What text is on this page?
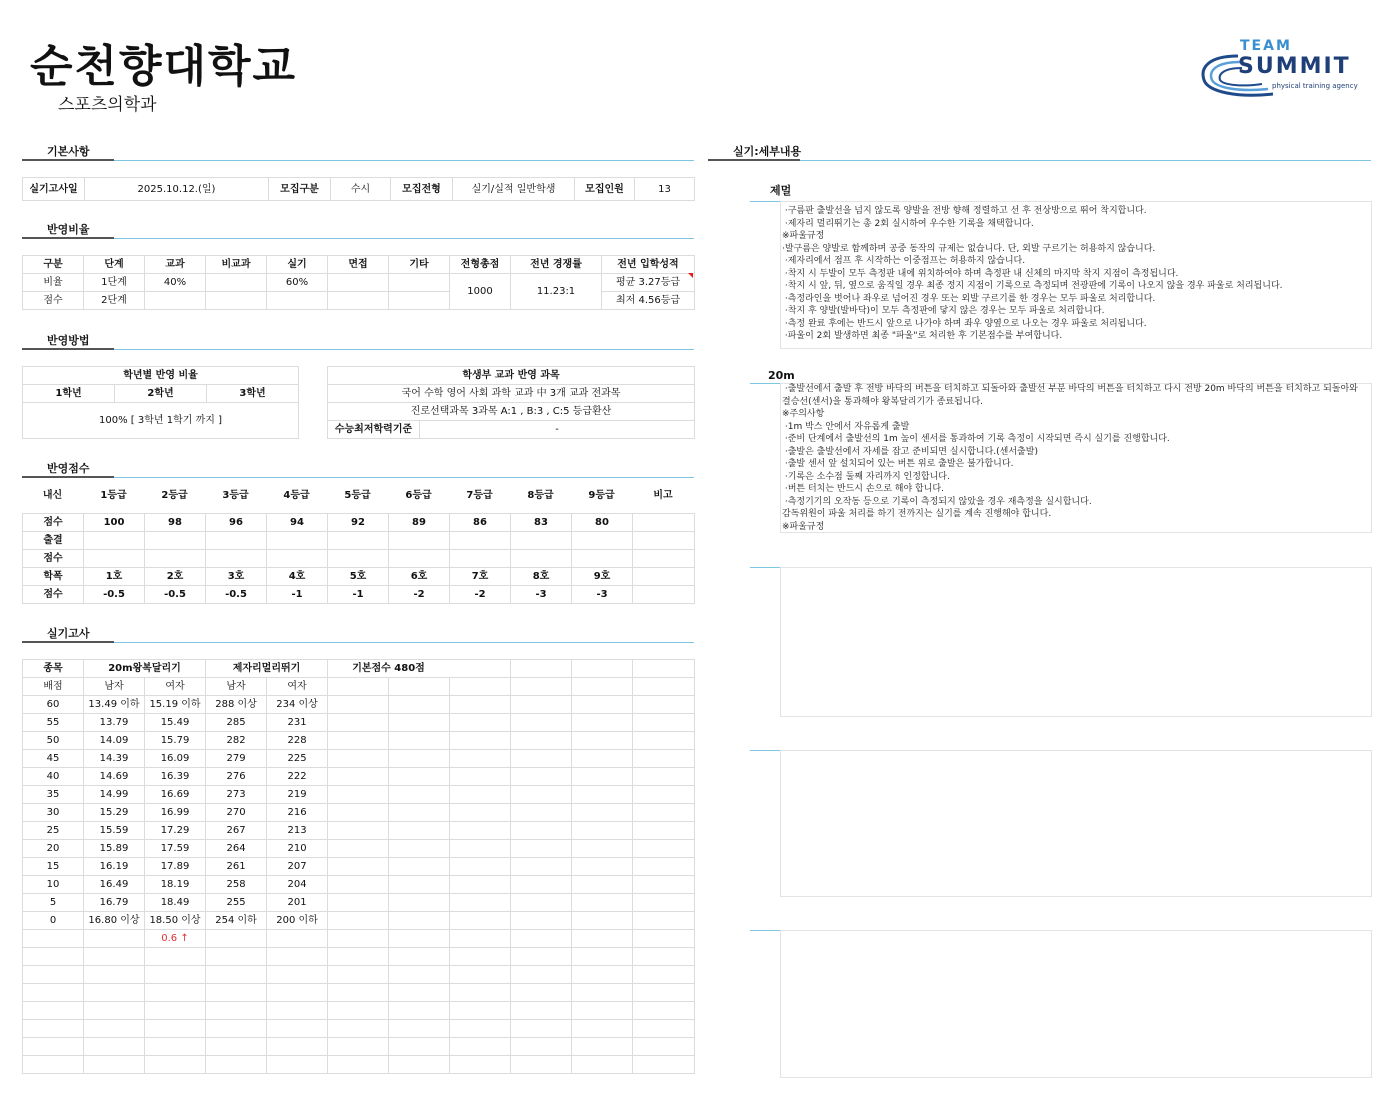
순천향대학교
스포츠의학과
TEAM
SUMMIT
physical training agency
기본사항
반영비율
반영방법
반영점수
실기고사
실기:세부내용
실기고사일	2025.10.12.(일)	모집구분	수시	모집전형	실기/실적 일반학생	모집인원	13
구분	단계	교과	비교과	실기	면접	기타	전형총점	전년 경쟁률	전년 입학성적
비율	1단계	40%		60%			1000	11.23:1	평균 3.27등급
점수	2단계								최저 4.56등급
학년별 반영 비율
1학년	2학년	3학년
100% [ 3학년 1학기 까지 ]
학생부 교과 반영 과목
국어 수학 영어 사회 과학 교과 中 3개 교과 전과목
진로선택과목 3과목 A:1 , B:3 , C:5 등급환산
수능최저학력기준	-
내신	1등급	2등급	3등급	4등급	5등급	6등급	7등급	8등급	9등급	비고
점수	100	98	96	94	92	89	86	83	80	
출결										
점수										
학폭	1호	2호	3호	4호	5호	6호	7호	8호	9호	
점수	-0.5	-0.5	-0.5	-1	-1	-2	-2	-3	-3	
종목	20m왕복달리기		제자리멀리뛰기		기본점수 480점					
배점	남자	여자	남자	여자						
60	13.49 이하	15.19 이하	288 이상	234 이상						
55	13.79	15.49	285	231						
50	14.09	15.79	282	228						
45	14.39	16.09	279	225						
40	14.69	16.39	276	222						
35	14.99	16.69	273	219						
30	15.29	16.99	270	216						
25	15.59	17.29	267	213						
20	15.89	17.59	264	210						
15	16.19	17.89	261	207						
10	16.49	18.19	258	204						
5	16.79	18.49	255	201						
0	16.80 이상	18.50 이상	254 이하	200 이하						
		0.6 ↑								

제멀
·구름판 출발선을 넘지 않도록 양발을 전방 향해 정렬하고 선 후 전상방으로 뛰어 착지합니다.
·제자리 멀리뛰기는 총 2회 실시하여 우수한 기록을 채택합니다.
※파울규정
·발구름은 양발로 함께하며 공중 동작의 규제는 없습니다. 단, 외발 구르기는 허용하지 않습니다.
·제자리에서 점프 후 시작하는 이중점프는 허용하지 않습니다.
·착지 시 두발이 모두 측정판 내에 위치하여야 하며 측정판 내 신체의 마지막 착지 지점이 측정됩니다.
·착지 시 앞, 뒤, 옆으로 움직일 경우 최종 정지 지점이 기록으로 측정되며 전광판에 기록이 나오지 않을 경우 파울로 처리됩니다.
·측정라인을 벗어나 좌우로 넘어진 경우 또는 외발 구르기를 한 경우는 모두 파울로 처리합니다.
·착지 후 양발(발바닥)이 모두 측정판에 닿지 않은 경우는 모두 파울로 처리합니다.
·측정 완료 후에는 반드시 앞으로 나가야 하며 좌우 양옆으로 나오는 경우 파울로 처리됩니다.
·파울이 2회 발생하면 최종 "파울"로 처리한 후 기본점수를 부여합니다.
20m
·출발선에서 출발 후 전방 바닥의 버튼을 터치하고 되돌아와 출발선 부분 바닥의 버튼을 터치하고 다시 전방 20m 바닥의 버튼을 터치하고 되돌아와
결승선(센서)을 통과해야 왕복달리기가 종료됩니다.
※주의사항
·1m 박스 안에서 자유롭게 출발
·준비 단계에서 출발선의 1m 높이 센서를 통과하여 기록 측정이 시작되면 즉시 실기를 진행합니다.
·출발은 출발선에서 자세를 잡고 준비되면 실시합니다.(센서출발)
·출발 센서 앞 설치되어 있는 버튼 위로 출발은 불가합니다.
·기록은 소수점 둘째 자리까지 인정합니다.
·버튼 터치는 반드시 손으로 해야 합니다.
·측정기기의 오작동 등으로 기록이 측정되지 않았을 경우 재측정을 실시합니다.
감독위원이 파울 처리를 하기 전까지는 실기를 계속 진행해야 합니다.
※파울규정
